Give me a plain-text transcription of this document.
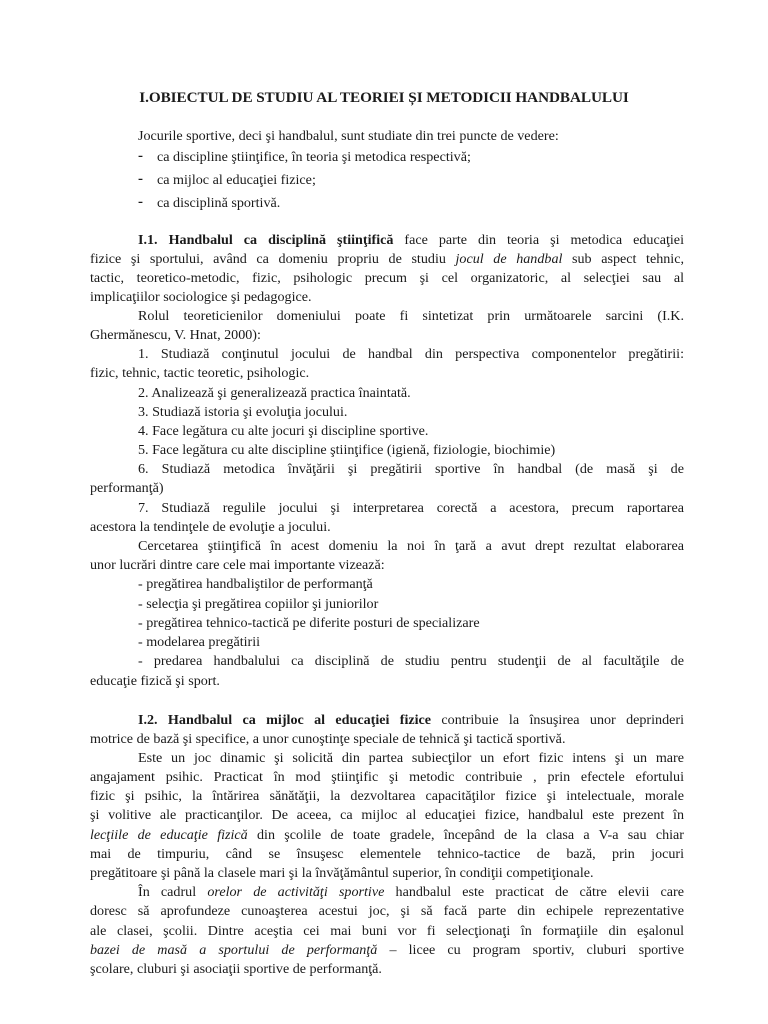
I.OBIECTUL DE STUDIU AL TEORIEI ȘI METODICII HANDBALULUI
Jocurile sportive, deci şi handbalul, sunt studiate din trei puncte de vedere:
- ca discipline ştiinţifice, în teoria şi metodica respectivă;
- ca mijloc al educaţiei fizice;
- ca disciplină sportivă.
I.1. Handbalul ca disciplină ştiinţifică face parte din teoria şi metodica educaţiei
fizice şi sportului, având ca domeniu propriu de studiu jocul de handbal sub aspect tehnic,
tactic, teoretico-metodic, fizic, psihologic precum şi cel organizatoric, al selecţiei sau al
implicaţiilor sociologice şi pedagogice.
Rolul teoreticienilor domeniului poate fi sintetizat prin următoarele sarcini (I.K.
Ghermănescu, V. Hnat, 2000):
1. Studiază conţinutul jocului de handbal din perspectiva componentelor pregătirii:
fizic, tehnic, tactic teoretic, psihologic.
2. Analizează şi generalizează practica înaintată.
3. Studiază istoria şi evoluţia jocului.
4. Face legătura cu alte jocuri şi discipline sportive.
5. Face legătura cu alte discipline ştiinţifice (igienă, fiziologie, biochimie)
6. Studiază metodica învăţării şi pregătirii sportive în handbal (de masă şi de
performanţă)
7. Studiază regulile jocului şi interpretarea corectă a acestora, precum raportarea
acestora la tendinţele de evoluţie a jocului.
Cercetarea ştiinţifică în acest domeniu la noi în ţară a avut drept rezultat elaborarea
unor lucrări dintre care cele mai importante vizează:
- pregătirea handbaliştilor de performanţă
- selecţia şi pregătirea copiilor şi juniorilor
- pregătirea tehnico-tactică pe diferite posturi de specializare
- modelarea pregătirii
- predarea handbalului ca disciplină de studiu pentru studenţii de al facultăţile de
educaţie fizică şi sport.
I.2. Handbalul ca mijloc al educaţiei fizice contribuie la însuşirea unor deprinderi
motrice de bază şi specifice, a unor cunoştinţe speciale de tehnică şi tactică sportivă.
Este un joc dinamic şi solicită din partea subiecţilor un efort fizic intens şi un mare
angajament psihic. Practicat în mod ştiinţific şi metodic contribuie , prin efectele efortului
fizic şi psihic, la întărirea sănătăţii, la dezvoltarea capacităţilor fizice şi intelectuale, morale
şi volitive ale practicanţilor. De aceea, ca mijloc al educaţiei fizice, handbalul este prezent în
lecţiile de educaţie fizică din şcolile de toate gradele, începând de la clasa a V-a sau chiar
mai de timpuriu, când se însuşesc elementele tehnico-tactice de bază, prin jocuri
pregătitoare şi până la clasele mari şi la învăţământul superior, în condiţii competiţionale.
În cadrul orelor de activităţi sportive handbalul este practicat de către elevii care
doresc să aprofundeze cunoaşterea acestui joc, şi să facă parte din echipele reprezentative
ale clasei, şcolii. Dintre aceştia cei mai buni vor fi selecţionaţi în formaţiile din eşalonul
bazei de masă a sportului de performanţă – licee cu program sportiv, cluburi sportive
şcolare, cluburi şi asociaţii sportive de performanţă.
